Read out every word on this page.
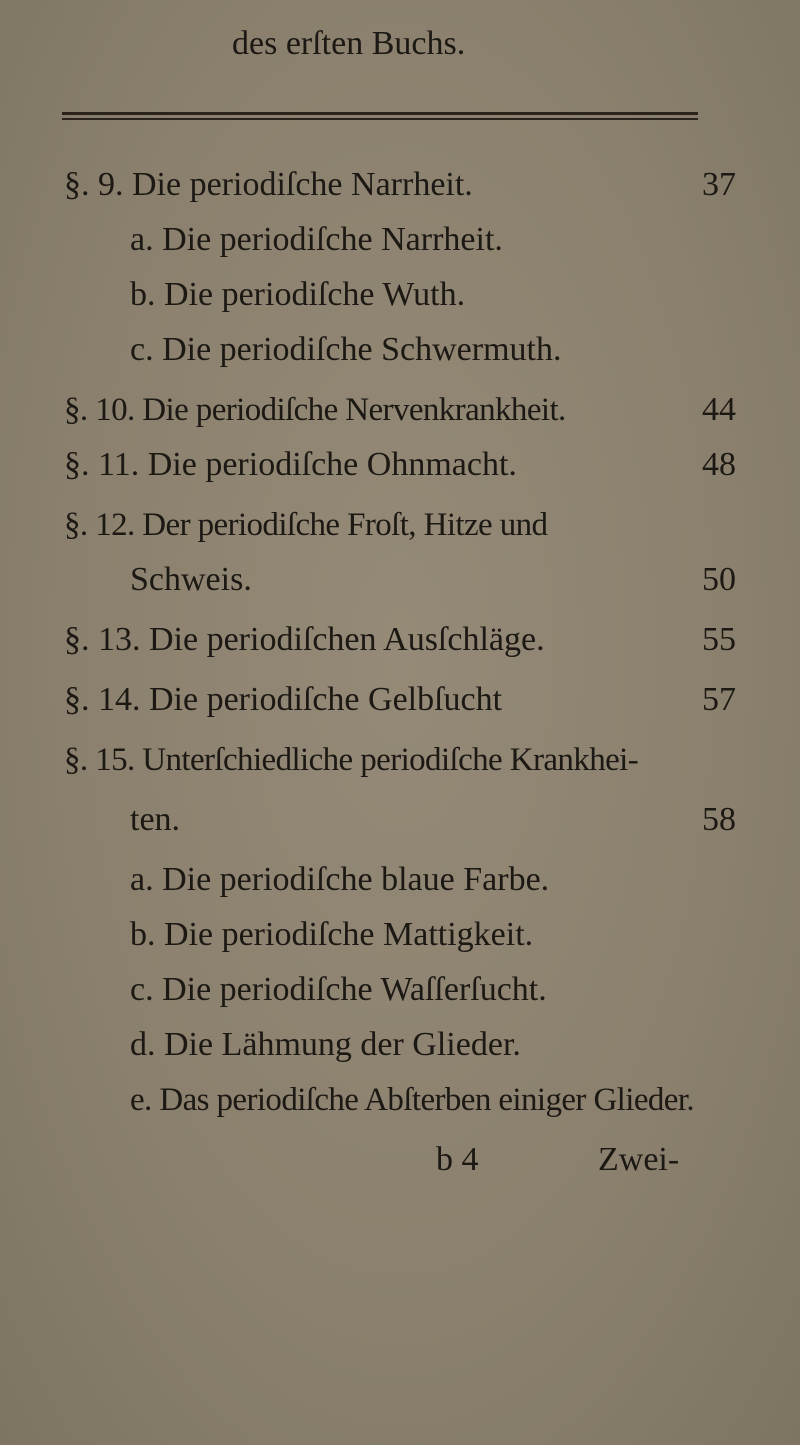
des erſten Buchs.
§. 9. Die periodiſche Narrheit.	37
a. Die periodiſche Narrheit.
b. Die periodiſche Wuth.
c. Die periodiſche Schwermuth.
§. 10. Die periodiſche Nervenkrankheit.	44
§. 11. Die periodiſche Ohnmacht.	48
§. 12. Der periodiſche Froſt, Hitze und
Schweis.	50
§. 13. Die periodiſchen Ausſchläge.	55
§. 14. Die periodiſche Gelbſucht	57
§. 15. Unterſchiedliche periodiſche Krankhei-
ten.	58
a. Die periodiſche blaue Farbe.
b. Die periodiſche Mattigkeit.
c. Die periodiſche Waſſerſucht.
d. Die Lähmung der Glieder.
e. Das periodiſche Abſterben einiger Glieder.
b 4	Zwei-
